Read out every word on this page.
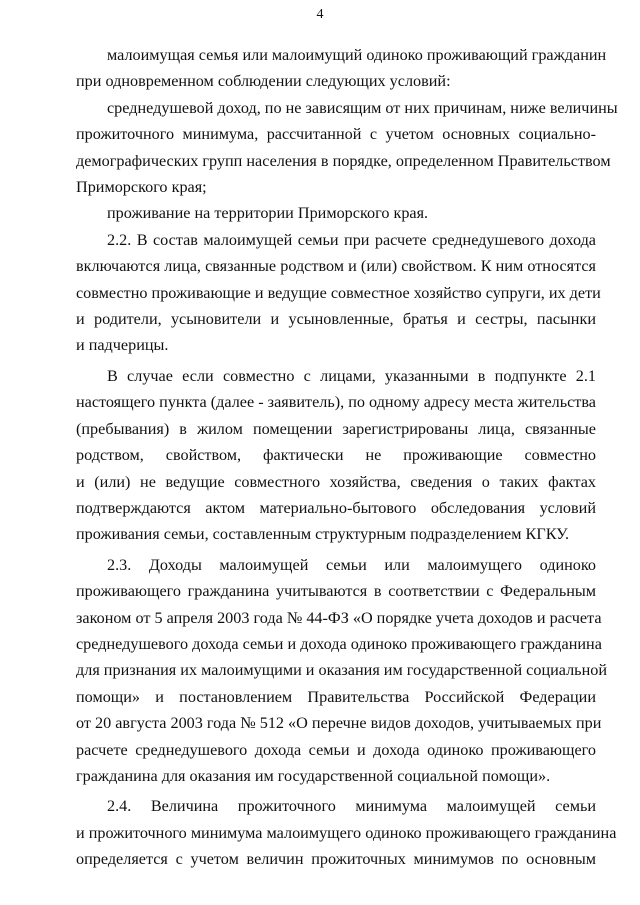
4

малоимущая семья или малоимущий одиноко проживающий гражданин
при одновременном соблюдении следующих условий:

среднедушевой доход, по не зависящим от них причинам, ниже величины
прожиточного минимума, рассчитанной с учетом основных социально-
демографических групп населения в порядке, определенном Правительством
Приморского края;

проживание на территории Приморского края.

2.2. В состав малоимущей семьи при расчете среднедушевого дохода
включаются лица, связанные родством и (или) свойством. К ним относятся
совместно проживающие и ведущие совместное хозяйство супруги, их дети
и родители, усыновители и усыновленные, братья и сестры, пасынки
и падчерицы.

В случае если совместно с лицами, указанными в подпункте 2.1
настоящего пункта (далее - заявитель), по одному адресу места жительства
(пребывания) в жилом помещении зарегистрированы лица, связанные
родством, свойством, фактически не проживающие совместно
и (или) не ведущие совместного хозяйства, сведения о таких фактах
подтверждаются актом материально-бытового обследования условий
проживания семьи, составленным структурным подразделением КГКУ.

2.3. Доходы малоимущей семьи или малоимущего одиноко
проживающего гражданина учитываются в соответствии с Федеральным
законом от 5 апреля 2003 года № 44-ФЗ «О порядке учета доходов и расчета
среднедушевого дохода семьи и дохода одиноко проживающего гражданина
для признания их малоимущими и оказания им государственной социальной
помощи» и постановлением Правительства Российской Федерации
от 20 августа 2003 года № 512 «О перечне видов доходов, учитываемых при
расчете среднедушевого дохода семьи и дохода одиноко проживающего
гражданина для оказания им государственной социальной помощи».

2.4. Величина прожиточного минимума малоимущей семьи
и прожиточного минимума малоимущего одиноко проживающего гражданина
определяется с учетом величин прожиточных минимумов по основным
